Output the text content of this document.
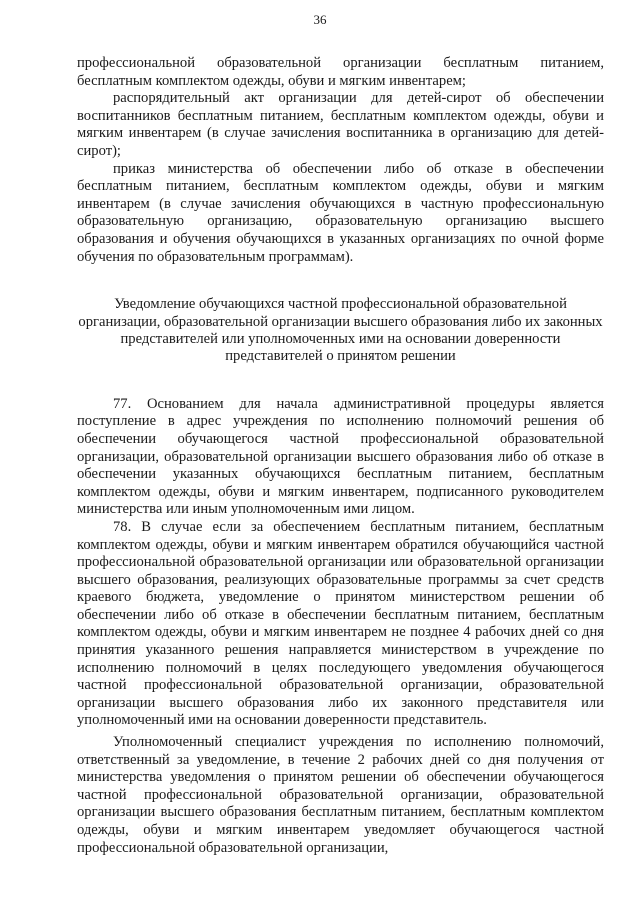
36

профессиональной образовательной организации бесплатным питанием, бесплатным комплектом одежды, обуви и мягким инвентарем;

распорядительный акт организации для детей-сирот об обеспечении воспитанников бесплатным питанием, бесплатным комплектом одежды, обуви и мягким инвентарем (в случае зачисления воспитанника в организацию для детей-сирот);

приказ министерства об обеспечении либо об отказе в обеспечении бесплатным питанием, бесплатным комплектом одежды, обуви и мягким инвентарем (в случае зачисления обучающихся в частную профессиональную образовательную организацию, образовательную организацию высшего образования и обучения обучающихся в указанных организациях по очной форме обучения по образовательным программам).

Уведомление обучающихся частной профессиональной образовательной организации, образовательной организации высшего образования либо их законных представителей или уполномоченных ими на основании доверенности представителей о принятом решении

77. Основанием для начала административной процедуры является поступление в адрес учреждения по исполнению полномочий решения об обеспечении обучающегося частной профессиональной образовательной организации, образовательной организации высшего образования либо об отказе в обеспечении указанных обучающихся бесплатным питанием, бесплатным комплектом одежды, обуви и мягким инвентарем, подписанного руководителем министерства или иным уполномоченным ими лицом.

78. В случае если за обеспечением бесплатным питанием, бесплатным комплектом одежды, обуви и мягким инвентарем обратился обучающийся частной профессиональной образовательной организации или образовательной организации высшего образования, реализующих образовательные программы за счет средств краевого бюджета, уведомление о принятом министерством решении об обеспечении либо об отказе в обеспечении бесплатным питанием, бесплатным комплектом одежды, обуви и мягким инвентарем не позднее 4 рабочих дней со дня принятия указанного решения направляется министерством в учреждение по исполнению полномочий в целях последующего уведомления обучающегося частной профессиональной образовательной организации, образовательной организации высшего образования либо их законного представителя или уполномоченный ими на основании доверенности представитель.

Уполномоченный специалист учреждения по исполнению полномочий, ответственный за уведомление, в течение 2 рабочих дней со дня получения от министерства уведомления о принятом решении об обеспечении обучающегося частной профессиональной образовательной организации, образовательной организации высшего образования бесплатным питанием, бесплатным комплектом одежды, обуви и мягким инвентарем уведомляет обучающегося частной профессиональной образовательной организации,
